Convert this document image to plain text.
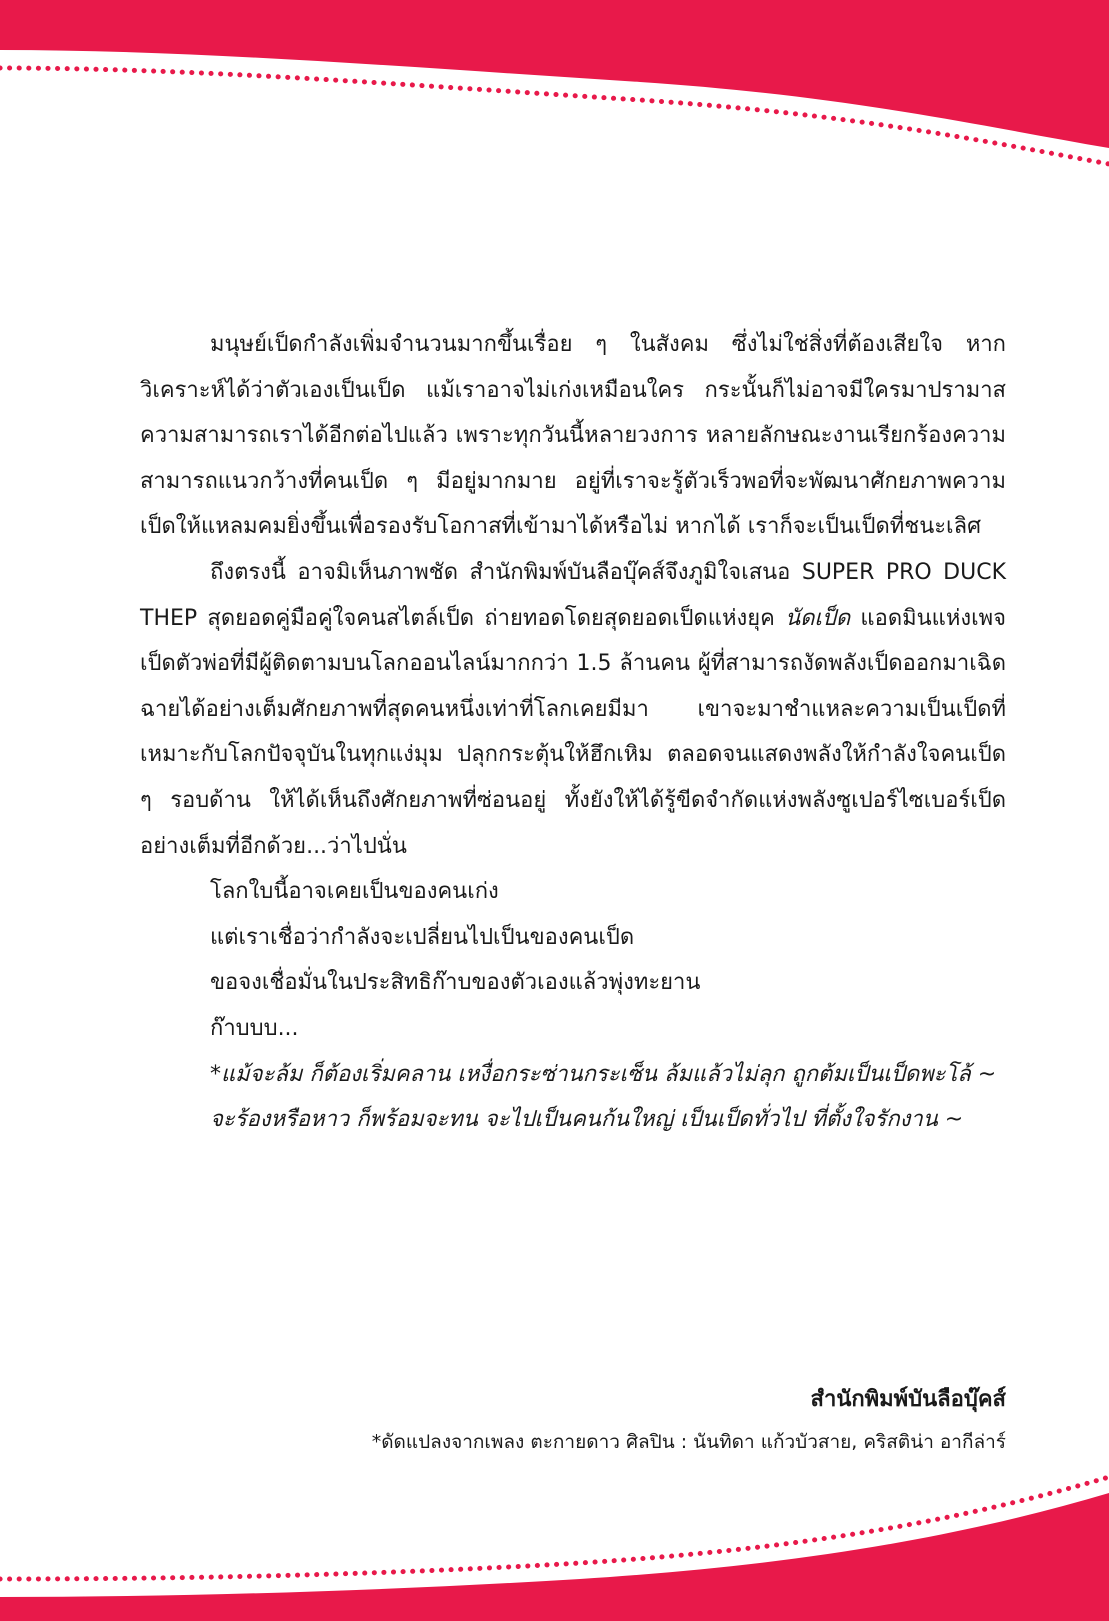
มนุษย์เป็ดกำลังเพิ่มจำนวนมากขึ้นเรื่อย ๆ ในสังคม ซึ่งไม่ใช่สิ่งที่ต้องเสียใจ หากวิเคราะห์ได้ว่าตัวเองเป็นเป็ด แม้เราอาจไม่เก่งเหมือนใคร กระนั้นก็ไม่อาจมีใครมาปรามาสความสามารถเราได้อีกต่อไปแล้ว เพราะทุกวันนี้หลายวงการ หลายลักษณะงานเรียกร้องความสามารถแนวกว้างที่คนเป็ด ๆ มีอยู่มากมาย อยู่ที่เราจะรู้ตัวเร็วพอที่จะพัฒนาศักยภาพความเป็ดให้แหลมคมยิ่งขึ้นเพื่อรองรับโอกาสที่เข้ามาได้หรือไม่ หากได้ เราก็จะเป็นเป็ดที่ชนะเลิศ

ถึงตรงนี้ อาจมิเห็นภาพชัด สำนักพิมพ์บันลือบุ๊คส์จึงภูมิใจเสนอ SUPER PRO DUCK THEP สุดยอดคู่มือคู่ใจคนสไตล์เป็ด ถ่ายทอดโดยสุดยอดเป็ดแห่งยุค นัดเป็ด แอดมินแห่งเพจเป็ดตัวพ่อที่มีผู้ติดตามบนโลกออนไลน์มากกว่า 1.5 ล้านคน ผู้ที่สามารถงัดพลังเป็ดออกมาเฉิดฉายได้อย่างเต็มศักยภาพที่สุดคนหนึ่งเท่าที่โลกเคยมีมา เขาจะมาชำแหละความเป็นเป็ดที่เหมาะกับโลกปัจจุบันในทุกแง่มุม ปลุกกระตุ้นให้ฮึกเหิม ตลอดจนแสดงพลังให้กำลังใจคนเป็ด ๆ รอบด้าน ให้ได้เห็นถึงศักยภาพที่ซ่อนอยู่ ทั้งยังให้ได้รู้ขีดจำกัดแห่งพลังซูเปอร์ไซเบอร์เป็ดอย่างเต็มที่อีกด้วย...ว่าไปนั่น

โลกใบนี้อาจเคยเป็นของคนเก่ง

แต่เราเชื่อว่ากำลังจะเปลี่ยนไปเป็นของคนเป็ด

ขอจงเชื่อมั่นในประสิทธิก๊าบของตัวเองแล้วพุ่งทะยาน

ก๊าบบบ...

*แม้จะล้ม ก็ต้องเริ่มคลาน เหงื่อกระซ่านกระเซ็น ล้มแล้วไม่ลุก ถูกต้มเป็นเป็ดพะโล้ ~

จะร้องหรือหาว ก็พร้อมจะทน จะไปเป็นคนก้นใหญ่ เป็นเป็ดทั่วไป ที่ตั้งใจรักงาน ~

สำนักพิมพ์บันลือบุ๊คส์

*ดัดแปลงจากเพลง ตะกายดาว ศิลปิน : นันทิดา แก้วบัวสาย, คริสติน่า อากีล่าร์
